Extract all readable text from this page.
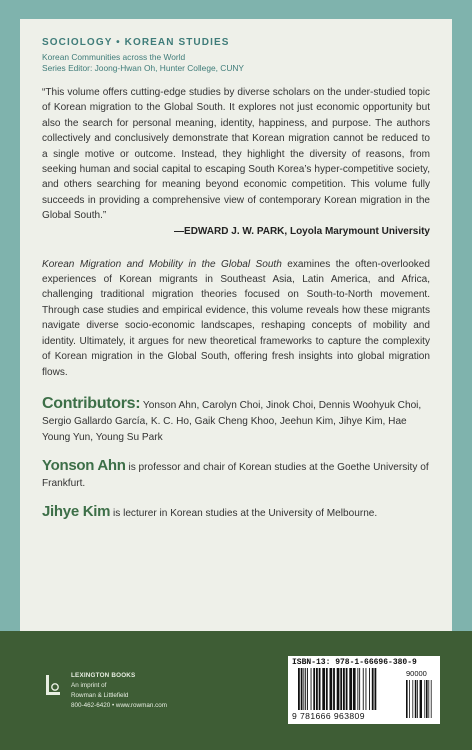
SOCIOLOGY • KOREAN STUDIES
Korean Communities across the World
Series Editor: Joong-Hwan Oh, Hunter College, CUNY
“This volume offers cutting-edge studies by diverse scholars on the under-studied topic of Korean migration to the Global South. It explores not just economic opportunity but also the search for personal meaning, identity, happiness, and purpose. The authors collectively and conclusively demonstrate that Korean migration cannot be reduced to a single motive or outcome. Instead, they highlight the diversity of reasons, from seeking human and social capital to escaping South Korea’s hyper-competitive society, and others searching for meaning beyond economic competition. This volume fully succeeds in providing a comprehensive view of contemporary Korean migration in the Global South.”
—EDWARD J. W. PARK, Loyola Marymount University
Korean Migration and Mobility in the Global South examines the often-overlooked experiences of Korean migrants in Southeast Asia, Latin America, and Africa, challenging traditional migration theories focused on South-to-North movement. Through case studies and empirical evidence, this volume reveals how these migrants navigate diverse socio-economic landscapes, reshaping concepts of mobility and identity. Ultimately, it argues for new theoretical frameworks to capture the complexity of Korean migration in the Global South, offering fresh insights into global migration flows.
Contributors: Yonson Ahn, Carolyn Choi, Jinok Choi, Dennis Woohyuk Choi, Sergio Gallardo García, K. C. Ho, Gaik Cheng Khoo, Jeehun Kim, Jihye Kim, Hae Young Yun, Young Su Park
Yonson Ahn is professor and chair of Korean studies at the Goethe University of Frankfurt.
Jihye Kim is lecturer in Korean studies at the University of Melbourne.
LEXINGTON BOOKS
An imprint of
Rowman & Littlefield
800-462-6420 • www.rowman.com
ISBN-13: 978-1-66696-380-9
9 781666 963809
90000
